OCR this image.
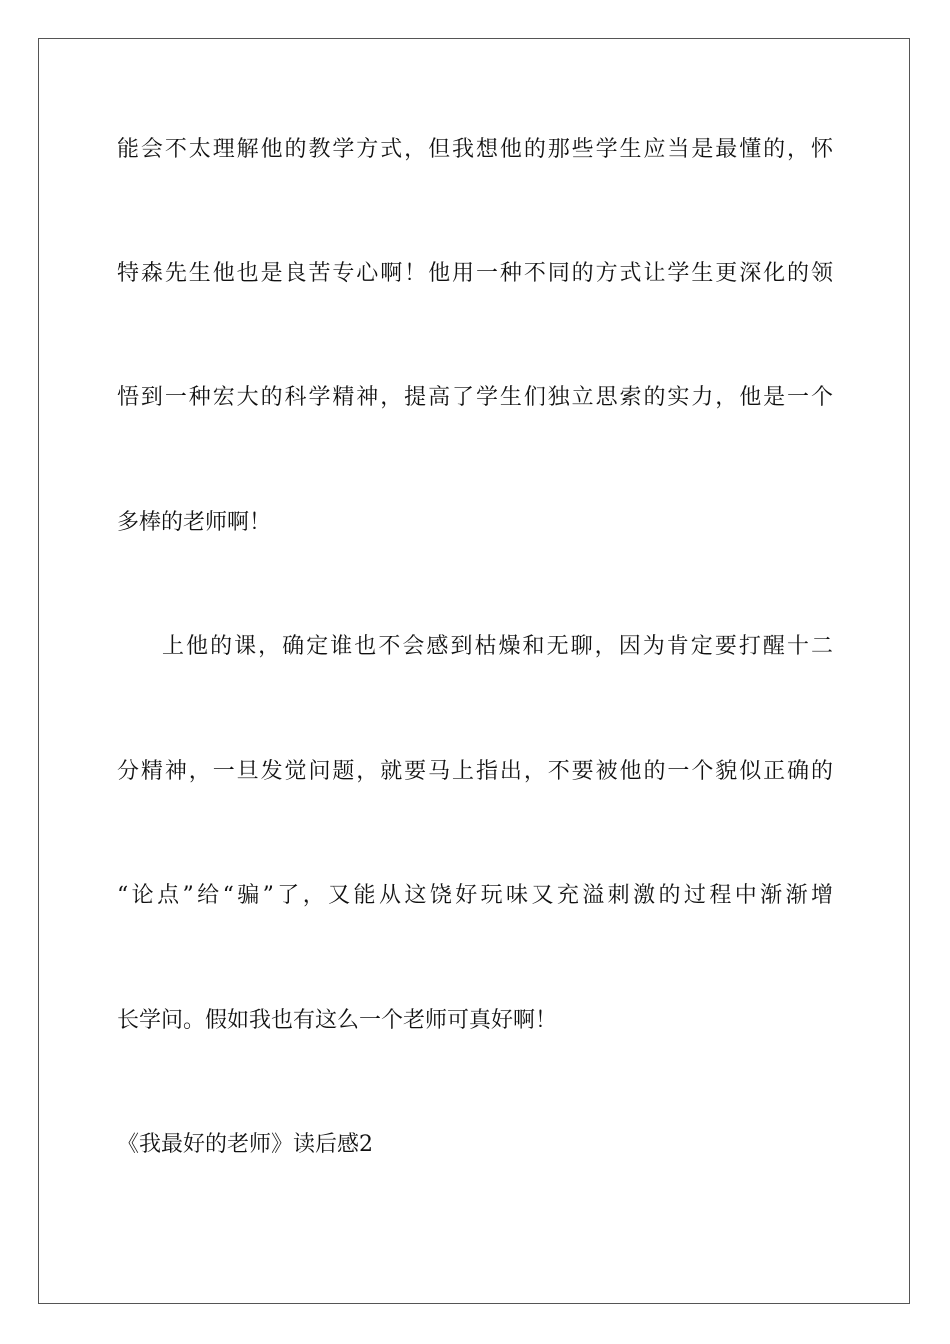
能会不太理解他的教学方式，但我想他的那些学生应当是最懂的，怀
特森先生他也是良苦专心啊！他用一种不同的方式让学生更深化的领
悟到一种宏大的科学精神，提高了学生们独立思索的实力，他是一个
多棒的老师啊！
上他的课，确定谁也不会感到枯燥和无聊，因为肯定要打醒十二
分精神，一旦发觉问题，就要马上指出，不要被他的一个貌似正确的
“论点”给“骗”了，又能从这饶好玩味又充溢刺激的过程中渐渐增
长学问。假如我也有这么一个老师可真好啊！
《我最好的老师》读后感2
